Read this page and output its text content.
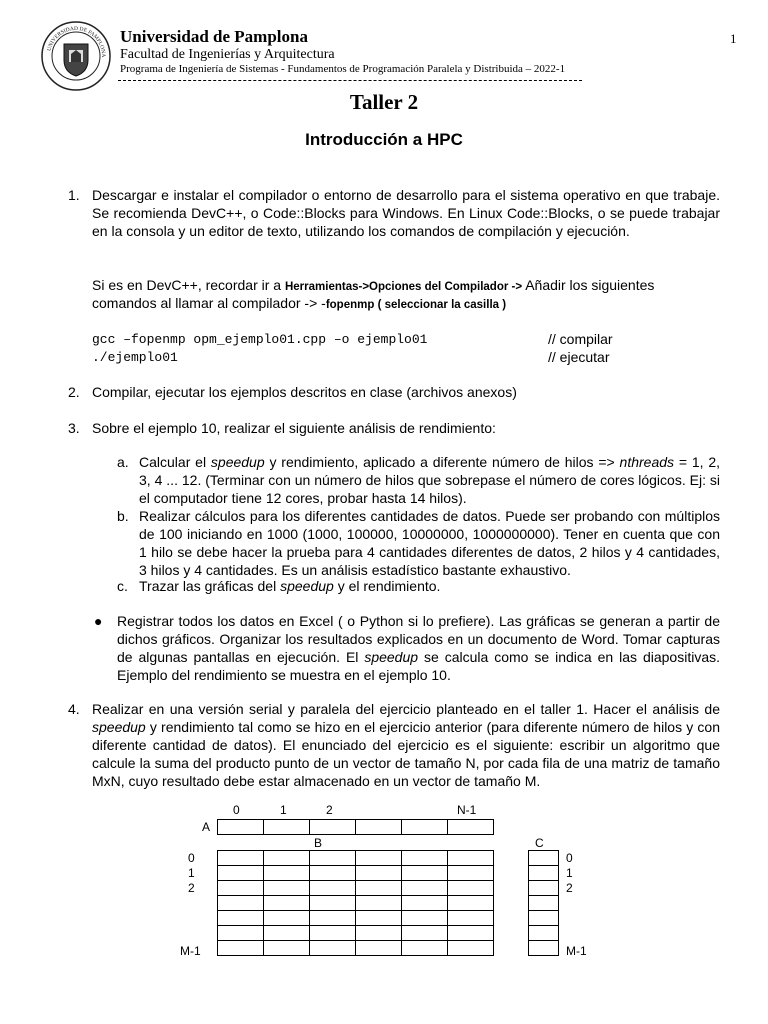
UNIVERSIDAD DE PAMPLONA
Universidad de Pamplona
Facultad de Ingenierías y Arquitectura
Programa de Ingeniería de Sistemas - Fundamentos de Programación Paralela y Distribuida – 2022-1
1
Taller 2
Introducción a HPC
1. Descargar e instalar el compilador o entorno de desarrollo para el sistema operativo en que trabaje. Se recomienda DevC++, o Code::Blocks para Windows. En Linux Code::Blocks, o se puede trabajar en la consola y un editor de texto, utilizando los comandos de compilación y ejecución.
Si es en DevC++, recordar ir a Herramientas->Opciones del Compilador -> Añadir los siguientes
comandos al llamar al compilador -> -fopenmp ( seleccionar la casilla )
gcc –fopenmp opm_ejemplo01.cpp –o ejemplo01	// compilar
./ejemplo01	// ejecutar
2. Compilar, ejecutar los ejemplos descritos en clase (archivos anexos)
3. Sobre el ejemplo 10, realizar el siguiente análisis de rendimiento:
a. Calcular el speedup y rendimiento, aplicado a diferente número de hilos => nthreads = 1, 2, 3, 4 ... 12. (Terminar con un número de hilos que sobrepase el número de cores lógicos. Ej: si el computador tiene 12 cores, probar hasta 14 hilos).
b. Realizar cálculos para los diferentes cantidades de datos. Puede ser probando con múltiplos de 100 iniciando en 1000 (1000, 100000, 10000000, 1000000000). Tener en cuenta que con 1 hilo se debe hacer la prueba para 4 cantidades diferentes de datos, 2 hilos y 4 cantidades, 3 hilos y 4 cantidades. Es un análisis estadístico bastante exhaustivo.
c. Trazar las gráficas del speedup y el rendimiento.
● Registrar todos los datos en Excel ( o Python si lo prefiere). Las gráficas se generan a partir de dichos gráficos. Organizar los resultados explicados en un documento de Word. Tomar capturas de algunas pantallas en ejecución. El speedup se calcula como se indica en las diapositivas. Ejemplo del rendimiento se muestra en el ejemplo 10.
4. Realizar en una versión serial y paralela del ejercicio planteado en el taller 1. Hacer el análisis de speedup y rendimiento tal como se hizo en el ejercicio anterior (para diferente número de hilos y con diferente cantidad de datos). El enunciado del ejercicio es el siguiente: escribir un algoritmo que calcule la suma del producto punto de un vector de tamaño N, por cada fila de una matriz de tamaño MxN, cuyo resultado debe estar almacenado en un vector de tamaño M.
0	1	2	N-1
A
B	C
0
1
2
M-1
0
1
2
M-1
